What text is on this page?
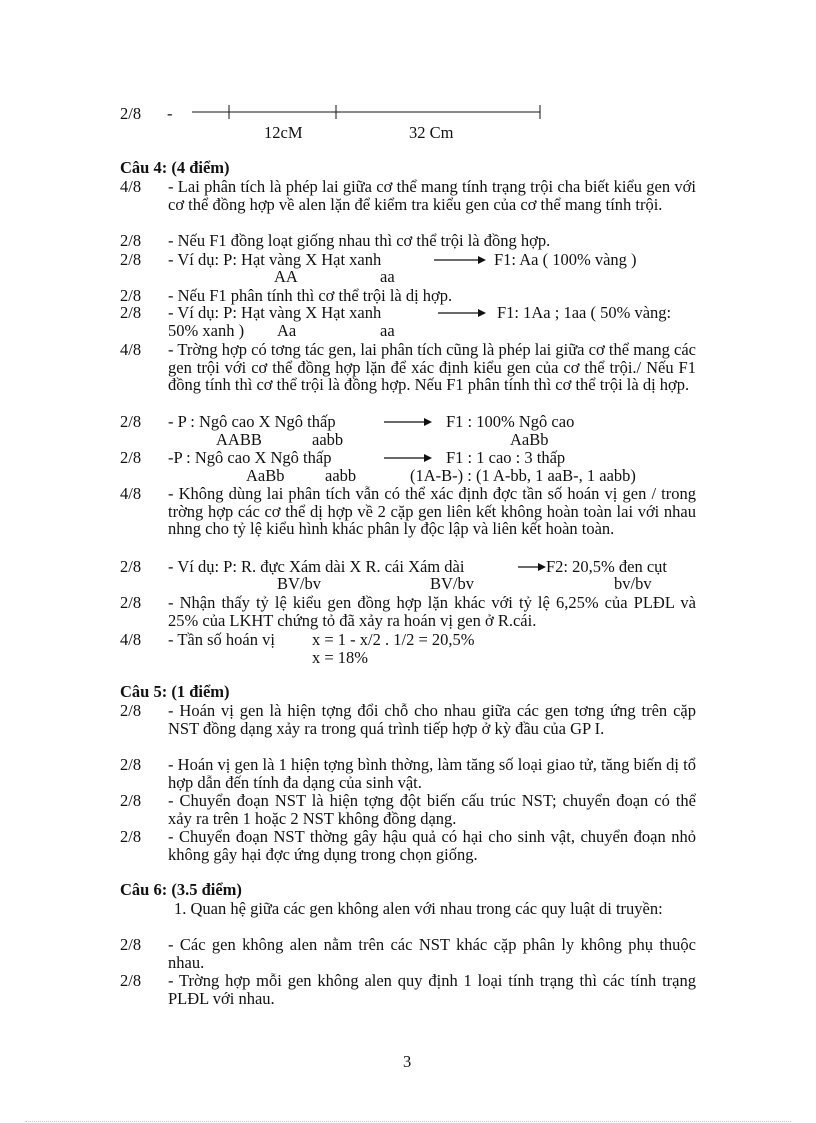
2/8 -
12cM	32 Cm
Câu 4: (4 điểm)
4/8 - Lai phân tích là phép lai giữa cơ thể mang tính trạng trội cha biết kiểu gen với cơ thể đồng hợp về alen lặn để kiểm tra kiểu gen của cơ thể mang tính trội.
2/8 - Nếu F1 đồng loạt giống nhau thì cơ thể trội là đồng hợp.
2/8 - Ví dụ: P: Hạt vàng X Hạt xanh	F1: Aa ( 100% vàng )
AA	aa
2/8 - Nếu F1 phân tính thì cơ thể trội là dị hợp.
2/8 - Ví dụ: P: Hạt vàng X Hạt xanh	F1: 1Aa ; 1aa ( 50% vàng:
50% xanh ) Aa	aa
4/8 - Trờng hợp có tơng tác gen, lai phân tích cũng là phép lai giữa cơ thể mang các gen trội với cơ thể đồng hợp lặn để xác định kiểu gen của cơ thể trội./ Nếu F1 đồng tính thì cơ thể trội là đồng hợp. Nếu F1 phân tính thì cơ thể trội là dị hợp.
2/8 - P : Ngô cao X Ngô thấp	F1 : 100% Ngô cao
AABB	aabb	AaBb
2/8 -P : Ngô cao X Ngô thấp	F1 : 1 cao : 3 thấp
AaBb aabb	(1A-B-) : (1 A-bb, 1 aaB-, 1 aabb)
4/8 - Không dùng lai phân tích vẫn có thể xác định đợc tần số hoán vị gen / trong trờng hợp các cơ thể dị hợp về 2 cặp gen liên kết không hoàn toàn lai với nhau nhng cho tỷ lệ kiểu hình khác phân ly độc lập và liên kết hoàn toàn.
2/8 - Ví dụ: P: R. đực Xám dài X R. cái Xám dài	F2: 20,5% đen cụt
BV/bv	BV/bv	bv/bv
2/8 - Nhận thấy tỷ lệ kiểu gen đồng hợp lặn khác với tỷ lệ 6,25% của PLĐL và 25% của LKHT chứng tỏ đã xảy ra hoán vị gen ở R.cái.
4/8 - Tần số hoán vị x = 1 - x/2 . 1/2 = 20,5%
x = 18%
Câu 5: (1 điểm)
2/8 - Hoán vị gen là hiện tợng đổi chỗ cho nhau giữa các gen tơng ứng trên cặp NST đồng dạng xảy ra trong quá trình tiếp hợp ở kỳ đầu của GP I.
2/8 - Hoán vị gen là 1 hiện tợng bình thờng, làm tăng số loại giao tử, tăng biến dị tổ hợp dẫn đến tính đa dạng của sinh vật.
2/8 - Chuyển đoạn NST là hiện tợng đột biến cấu trúc NST; chuyển đoạn có thể xảy ra trên 1 hoặc 2 NST không đồng dạng.
2/8 - Chuyển đoạn NST thờng gây hậu quả có hại cho sinh vật, chuyển đoạn nhỏ không gây hại đợc ứng dụng trong chọn giống.
Câu 6: (3.5 điểm)
1. Quan hệ giữa các gen không alen với nhau trong các quy luật di truyền:
2/8 - Các gen không alen nằm trên các NST khác cặp phân ly không phụ thuộc nhau.
2/8 - Trờng hợp mỗi gen không alen quy định 1 loại tính trạng thì các tính trạng PLĐL với nhau.
3
